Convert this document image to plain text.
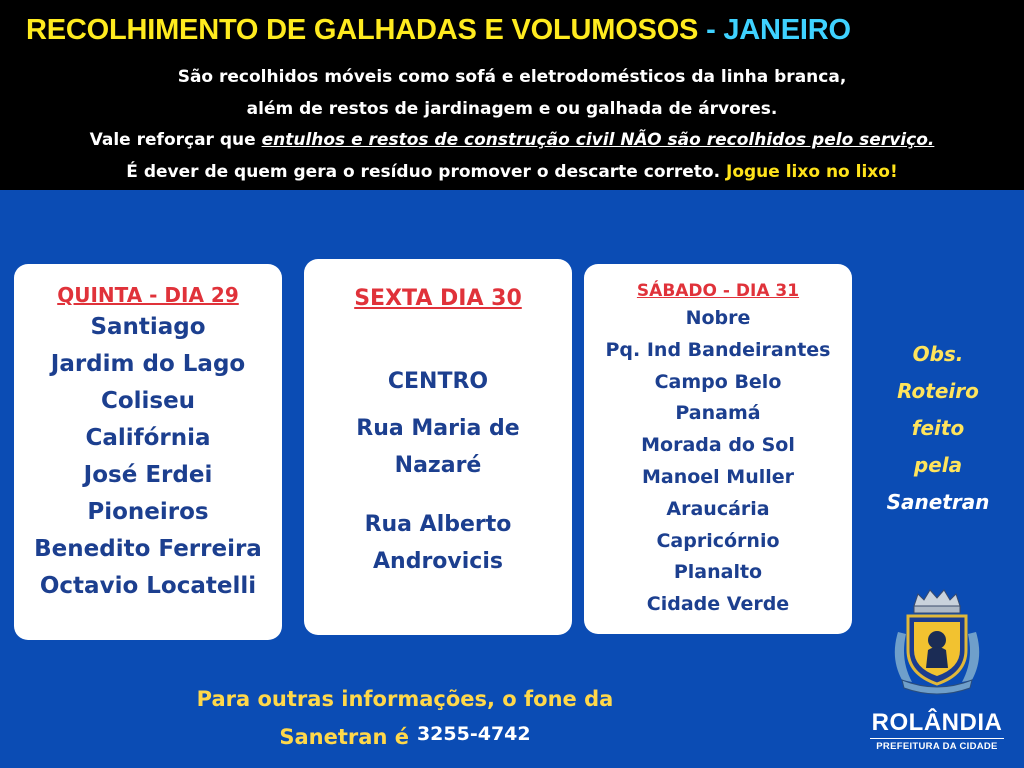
RECOLHIMENTO DE GALHADAS E VOLUMOSOS - JANEIRO
São recolhidos móveis como sofá e eletrodomésticos da linha branca,
além de restos de jardinagem e ou galhada de árvores.
Vale reforçar que entulhos e restos de construção civil NÃO são recolhidos pelo serviço.
É dever de quem gera o resíduo promover o descarte correto. Jogue lixo no lixo!
QUINTA - DIA 29
Santiago
Jardim do Lago
Coliseu
Califórnia
José Erdei
Pioneiros
Benedito Ferreira
Octavio Locatelli
SEXTA DIA 30
CENTRO
Rua Maria de
Nazaré
Rua Alberto
Androvicis
SÁBADO - DIA 31
Nobre
Pq. Ind Bandeirantes
Campo Belo
Panamá
Morada do Sol
Manoel Muller
Araucária
Capricórnio
Planalto
Cidade Verde
Obs.
Roteiro
feito
pela
Sanetran
Para outras informações, o fone da
Sanetran é 3255-4742	ROLÂNDIA
PREFEITURA DA CIDADE
